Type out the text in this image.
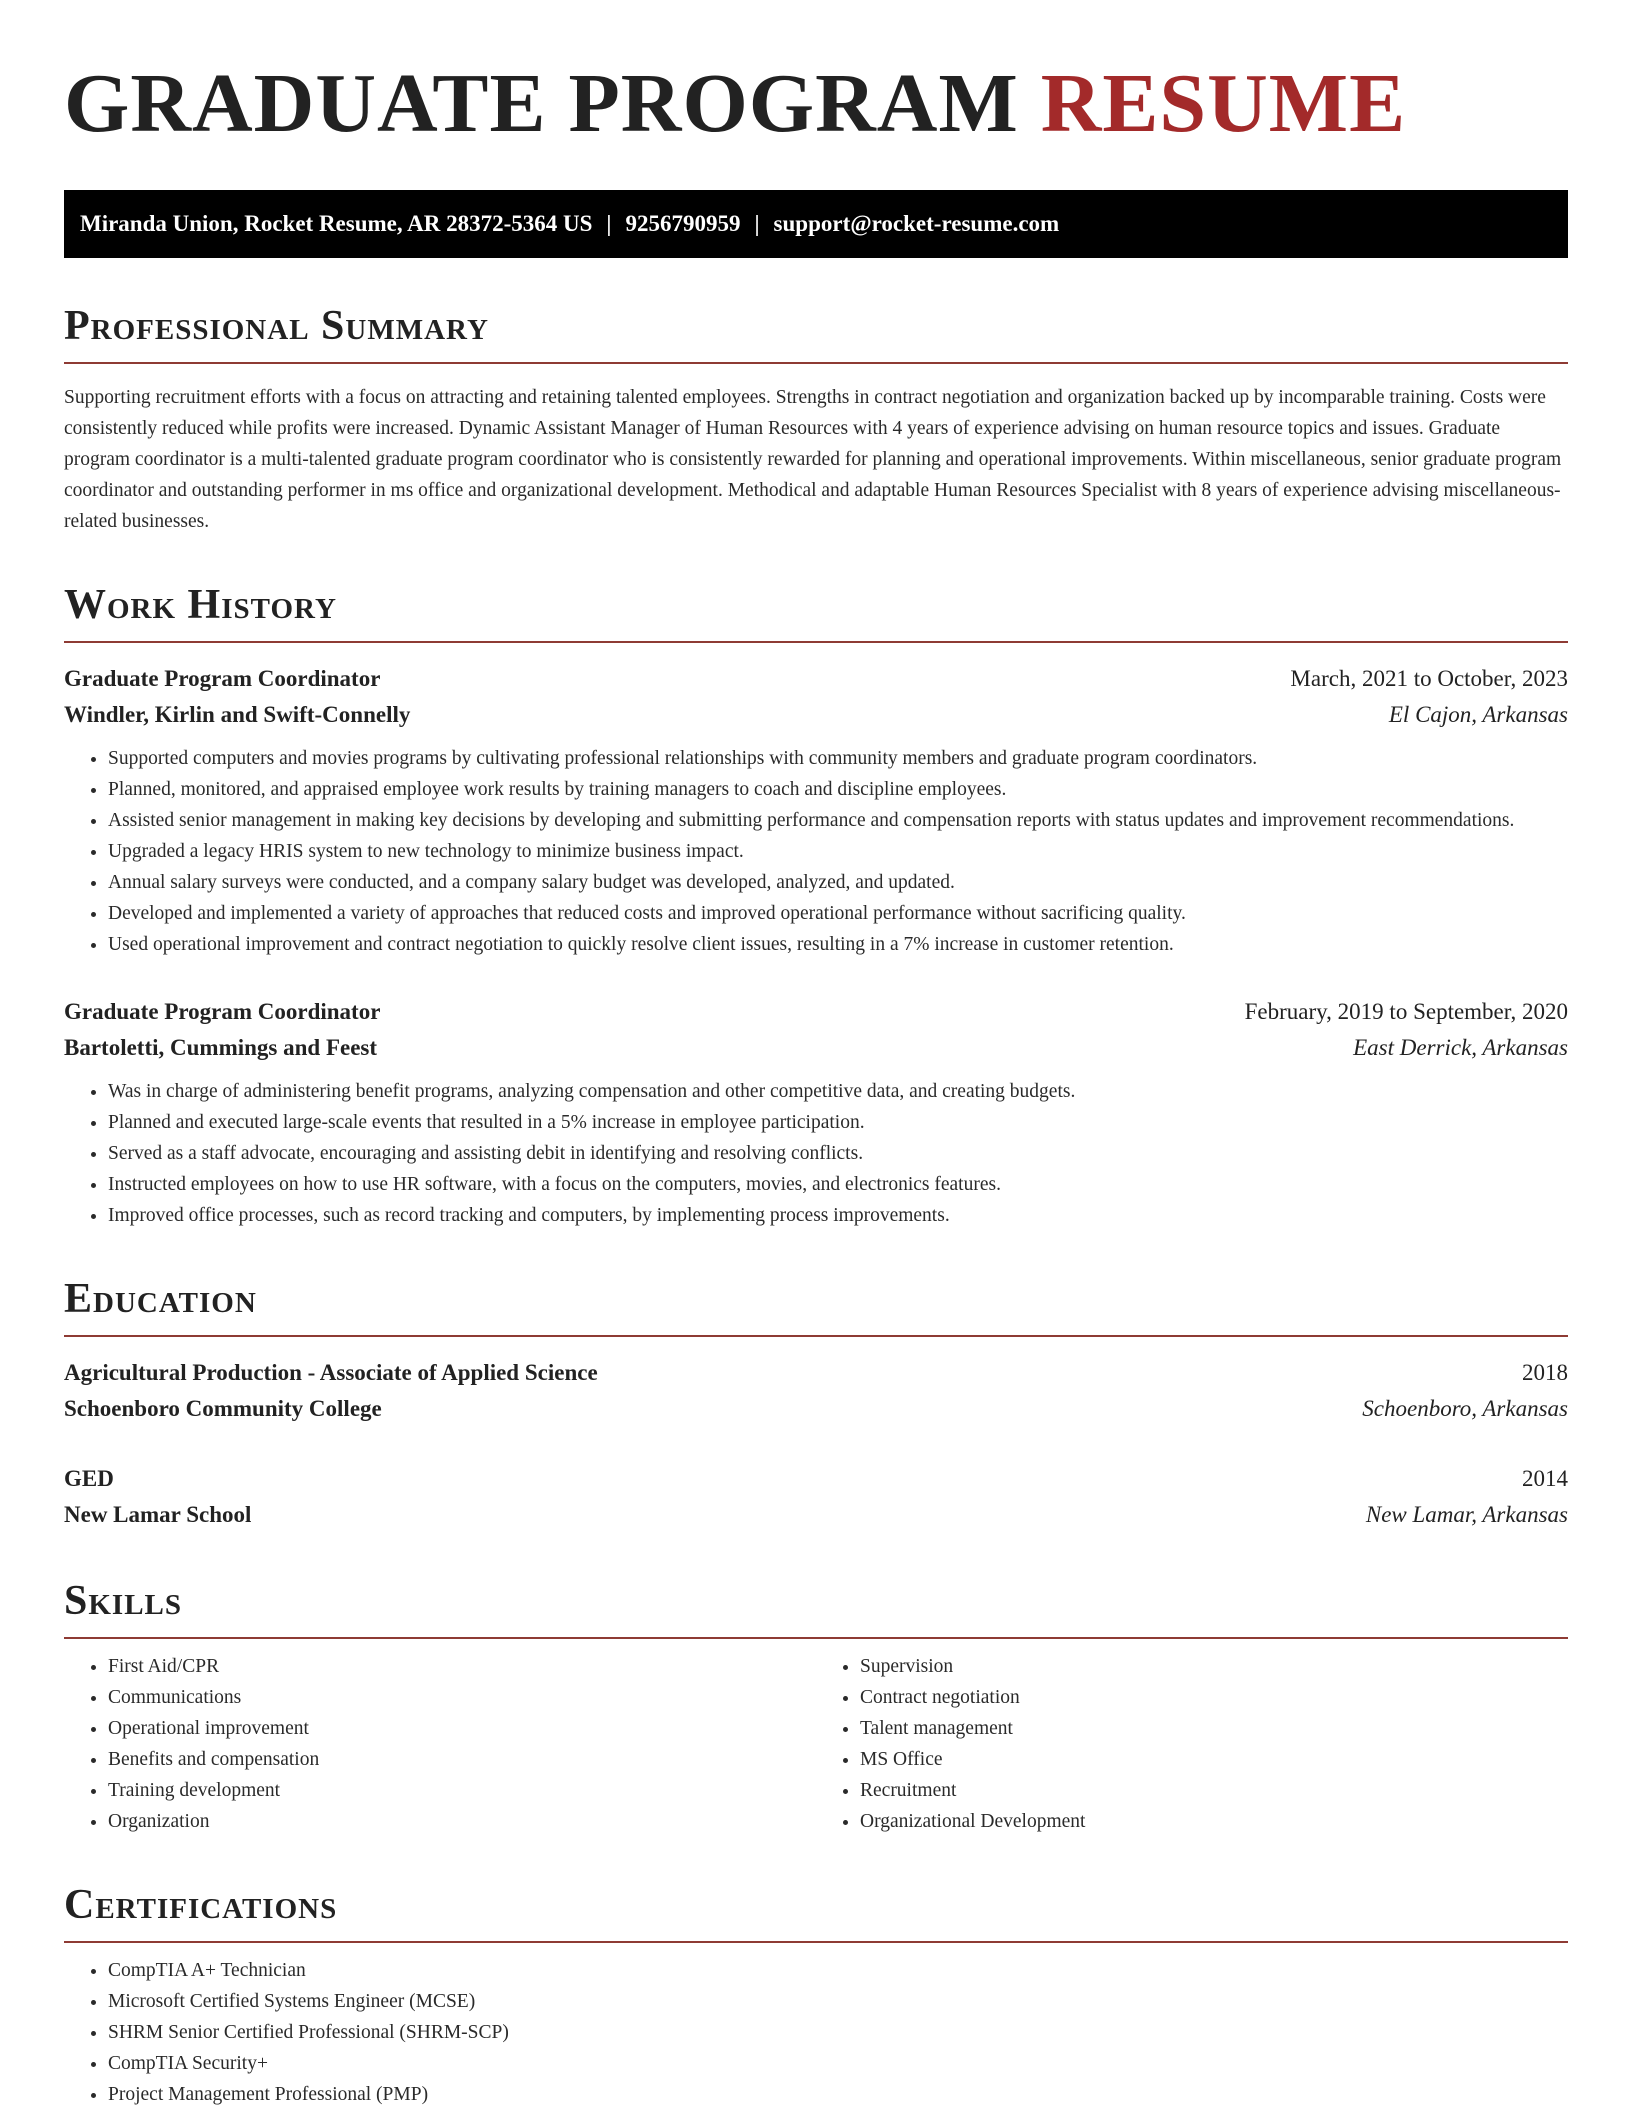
GRADUATE PROGRAM RESUME
Miranda Union, Rocket Resume, AR 28372-5364 US | 9256790959 | support@rocket-resume.com
Professional Summary

Supporting recruitment efforts with a focus on attracting and retaining talented employees. Strengths in contract negotiation and organization backed up by incomparable training. Costs were consistently reduced while profits were increased. Dynamic Assistant Manager of Human Resources with 4 years of experience advising on human resource topics and issues. Graduate program coordinator is a multi-talented graduate program coordinator who is consistently rewarded for planning and operational improvements. Within miscellaneous, senior graduate program coordinator and outstanding performer in ms office and organizational development. Methodical and adaptable Human Resources Specialist with 8 years of experience advising miscellaneous-related businesses.

Work History
Graduate Program Coordinator	March, 2021 to October, 2023
Windler, Kirlin and Swift-Connelly	El Cajon, Arkansas
• Supported computers and movies programs by cultivating professional relationships with community members and graduate program coordinators.
• Planned, monitored, and appraised employee work results by training managers to coach and discipline employees.
• Assisted senior management in making key decisions by developing and submitting performance and compensation reports with status updates and improvement recommendations.
• Upgraded a legacy HRIS system to new technology to minimize business impact.
• Annual salary surveys were conducted, and a company salary budget was developed, analyzed, and updated.
• Developed and implemented a variety of approaches that reduced costs and improved operational performance without sacrificing quality.
• Used operational improvement and contract negotiation to quickly resolve client issues, resulting in a 7% increase in customer retention.
Graduate Program Coordinator	February, 2019 to September, 2020
Bartoletti, Cummings and Feest	East Derrick, Arkansas
• Was in charge of administering benefit programs, analyzing compensation and other competitive data, and creating budgets.
• Planned and executed large-scale events that resulted in a 5% increase in employee participation.
• Served as a staff advocate, encouraging and assisting debit in identifying and resolving conflicts.
• Instructed employees on how to use HR software, with a focus on the computers, movies, and electronics features.
• Improved office processes, such as record tracking and computers, by implementing process improvements.
Education
Agricultural Production - Associate of Applied Science	2018
Schoenboro Community College	Schoenboro, Arkansas
GED	2014
New Lamar School	New Lamar, Arkansas
Skills
• First Aid/CPR
• Communications
• Operational improvement
• Benefits and compensation
• Training development
• Organization
• Supervision
• Contract negotiation
• Talent management
• MS Office
• Recruitment
• Organizational Development
Certifications
• CompTIA A+ Technician
• Microsoft Certified Systems Engineer (MCSE)
• SHRM Senior Certified Professional (SHRM-SCP)
• CompTIA Security+
• Project Management Professional (PMP)
